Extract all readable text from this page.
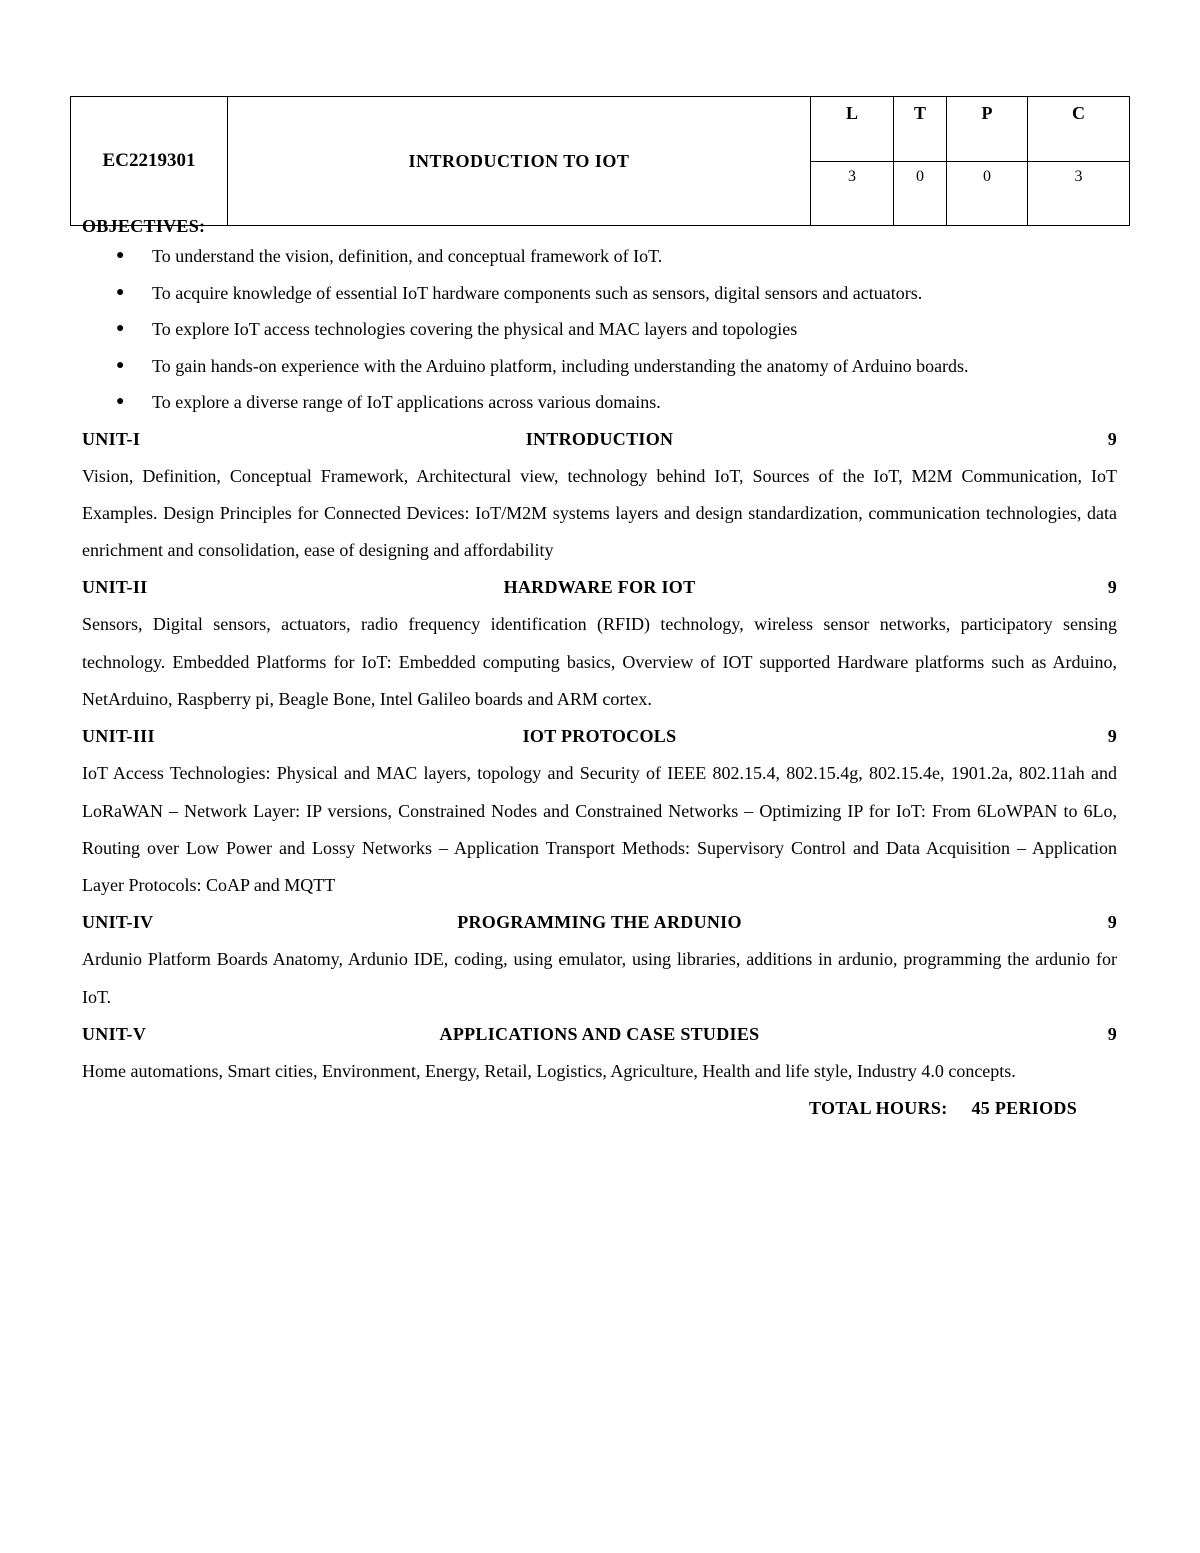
EC2219301	INTRODUCTION TO IOT	L	T	P	C
		3	0	0	3

OBJECTIVES:

● To understand the vision, definition, and conceptual framework of IoT.
● To acquire knowledge of essential IoT hardware components such as sensors, digital sensors and actuators.
● To explore IoT access technologies covering the physical and MAC layers and topologies
● To gain hands-on experience with the Arduino platform, including understanding the anatomy of Arduino boards.
● To explore a diverse range of IoT applications across various domains.
UNIT-I	INTRODUCTION	9

Vision, Definition, Conceptual Framework, Architectural view, technology behind IoT, Sources of the IoT, M2M Communication, IoT Examples. Design Principles for Connected Devices: IoT/M2M systems layers and design standardization, communication technologies, data enrichment and consolidation, ease of designing and affordability

UNIT-II	HARDWARE FOR IOT	9

Sensors, Digital sensors, actuators, radio frequency identification (RFID) technology, wireless sensor networks, participatory sensing technology. Embedded Platforms for IoT: Embedded computing basics, Overview of IOT supported Hardware platforms such as Arduino, NetArduino, Raspberry pi, Beagle Bone, Intel Galileo boards and ARM cortex.

UNIT-III	IOT PROTOCOLS	9

IoT Access Technologies: Physical and MAC layers, topology and Security of IEEE 802.15.4, 802.15.4g, 802.15.4e, 1901.2a, 802.11ah and LoRaWAN – Network Layer: IP versions, Constrained Nodes and Constrained Networks – Optimizing IP for IoT: From 6LoWPAN to 6Lo, Routing over Low Power and Lossy Networks – Application Transport Methods: Supervisory Control and Data Acquisition – Application Layer Protocols: CoAP and MQTT

UNIT-IV	PROGRAMMING THE ARDUNIO	9

Ardunio Platform Boards Anatomy, Ardunio IDE, coding, using emulator, using libraries, additions in ardunio, programming the ardunio for IoT.

UNIT-V	APPLICATIONS AND CASE STUDIES	9

Home automations, Smart cities, Environment, Energy, Retail, Logistics, Agriculture, Health and life style, Industry 4.0 concepts.

TOTAL HOURS: 45 PERIODS
